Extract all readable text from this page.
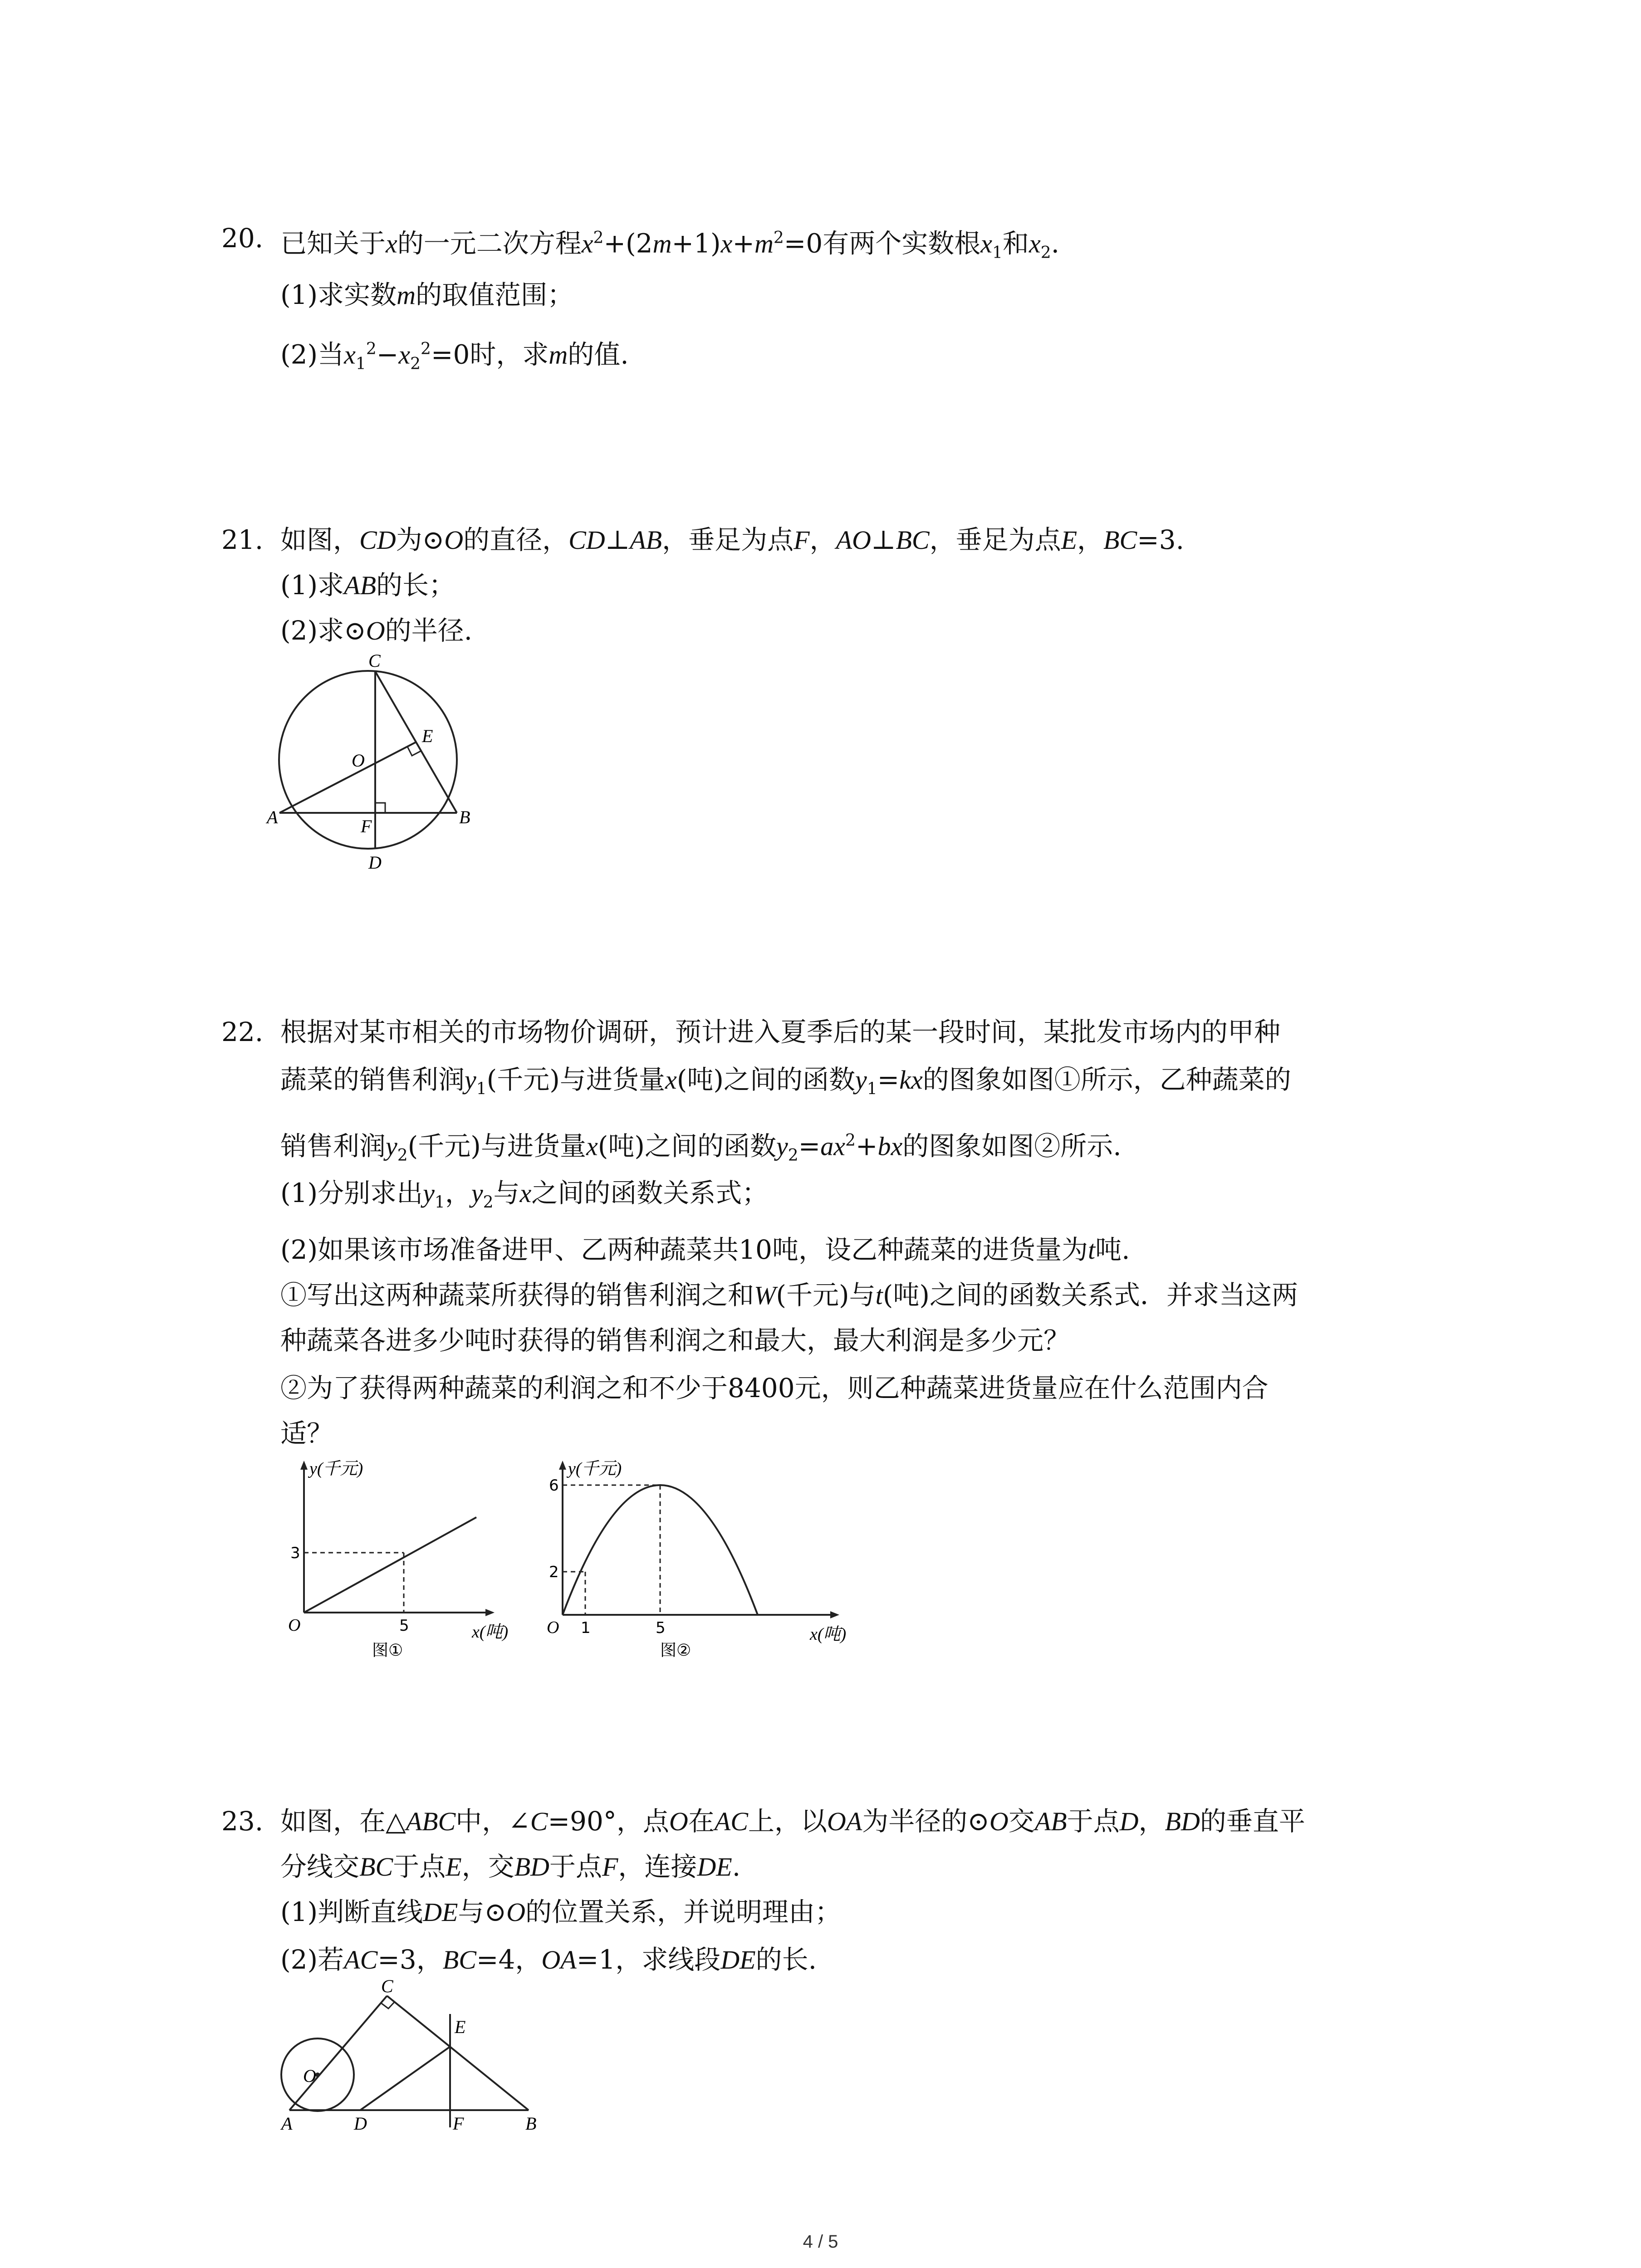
20. 已知关于x的一元二次方程$x^2+(2m+1)x+m^2=0$有两个实数根$x_1$和$x_2$.
(1)求实数m的取值范围；
(2)当$x_1^2-x_2^2=0$时，求m的值.
21. 如图，CD为⊙O的直径，CD⊥AB，垂足为点F，AO⊥BC，垂足为点E，BC=3.
(1)求AB的长；
(2)求⊙O的半径.
C
E
O
A	F	B
D
22. 根据对某市相关的市场物价调研，预计进入夏季后的某一段时间，某批发市场内的甲种
蔬菜的销售利润$y_1$(千元)与进货量x(吨)之间的函数$y_1=kx$的图象如图①所示，乙种蔬菜的
销售利润$y_2$(千元)与进货量x(吨)之间的函数$y_2=ax^2+bx$的图象如图②所示.
(1)分别求出$y_1$，$y_2$与x之间的函数关系式；
(2)如果该市场准备进甲、乙两种蔬菜共10吨，设乙种蔬菜的进货量为t吨.
①写出这两种蔬菜所获得的销售利润之和W(千元)与t(吨)之间的函数关系式．并求当这两
种蔬菜各进多少吨时获得的销售利润之和最大，最大利润是多少元？
②为了获得两种蔬菜的利润之和不少于8400元，则乙种蔬菜进货量应在什么范围内合
适？
y(千元)
x(吨)
O
3
5
图①
y(千元)
x(吨)
O
6
2
1	5
图②
23. 如图，在△ABC中，∠C=90°，点O在AC上，以OA为半径的⊙O交AB于点D，BD的垂直平
分线交BC于点E，交BD于点F，连接DE.
(1)判断直线DE与⊙O的位置关系，并说明理由；
(2)若AC=3，BC=4，OA=1，求线段DE的长.
C
E
O
A	D	F	B
4 / 5
